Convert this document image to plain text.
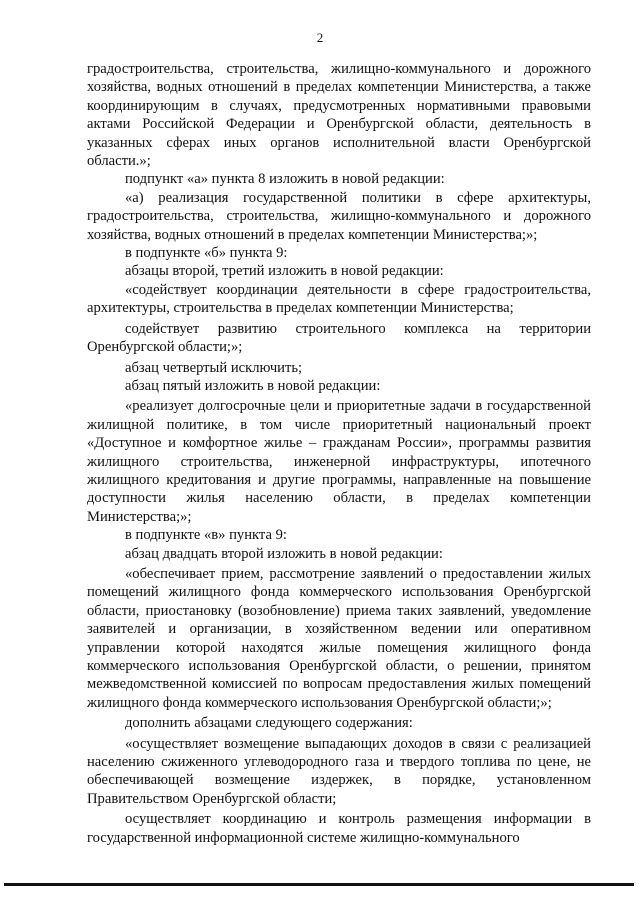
2

градостроительства, строительства, жилищно-коммунального и дорожного хозяйства, водных отношений в пределах компетенции Министерства, а также координирующим в случаях, предусмотренных нормативными правовыми актами Российской Федерации и Оренбургской области, деятельность в указанных сферах иных органов исполнительной власти Оренбургской области.»;

подпункт «а» пункта 8 изложить в новой редакции:

«а) реализация государственной политики в сфере архитектуры, градостроительства, строительства, жилищно-коммунального и дорожного хозяйства, водных отношений в пределах компетенции Министерства;»;

в подпункте «б» пункта 9:

абзацы второй, третий изложить в новой редакции:

«содействует координации деятельности в сфере градостроительства, архитектуры, строительства в пределах компетенции Министерства;

содействует развитию строительного комплекса на территории Оренбургской области;»;

абзац четвертый исключить;

абзац пятый изложить в новой редакции:

«реализует долгосрочные цели и приоритетные задачи в государственной жилищной политике, в том числе приоритетный национальный проект «Доступное и комфортное жилье – гражданам России», программы развития жилищного строительства, инженерной инфраструктуры, ипотечного жилищного кредитования и другие программы, направленные на повышение доступности жилья населению области, в пределах компетенции Министерства;»;

в подпункте «в» пункта 9:

абзац двадцать второй изложить в новой редакции:

«обеспечивает прием, рассмотрение заявлений о предоставлении жилых помещений жилищного фонда коммерческого использования Оренбургской области, приостановку (возобновление) приема таких заявлений, уведомление заявителей и организации, в хозяйственном ведении или оперативном управлении которой находятся жилые помещения жилищного фонда коммерческого использования Оренбургской области, о решении, принятом межведомственной комиссией по вопросам предоставления жилых помещений жилищного фонда коммерческого использования Оренбургской области;»;

дополнить абзацами следующего содержания:

«осуществляет возмещение выпадающих доходов в связи с реализацией населению сжиженного углеводородного газа и твердого топлива по цене, не обеспечивающей возмещение издержек, в порядке, установленном Правительством Оренбургской области;

осуществляет координацию и контроль размещения информации в государственной информационной системе жилищно-коммунального
